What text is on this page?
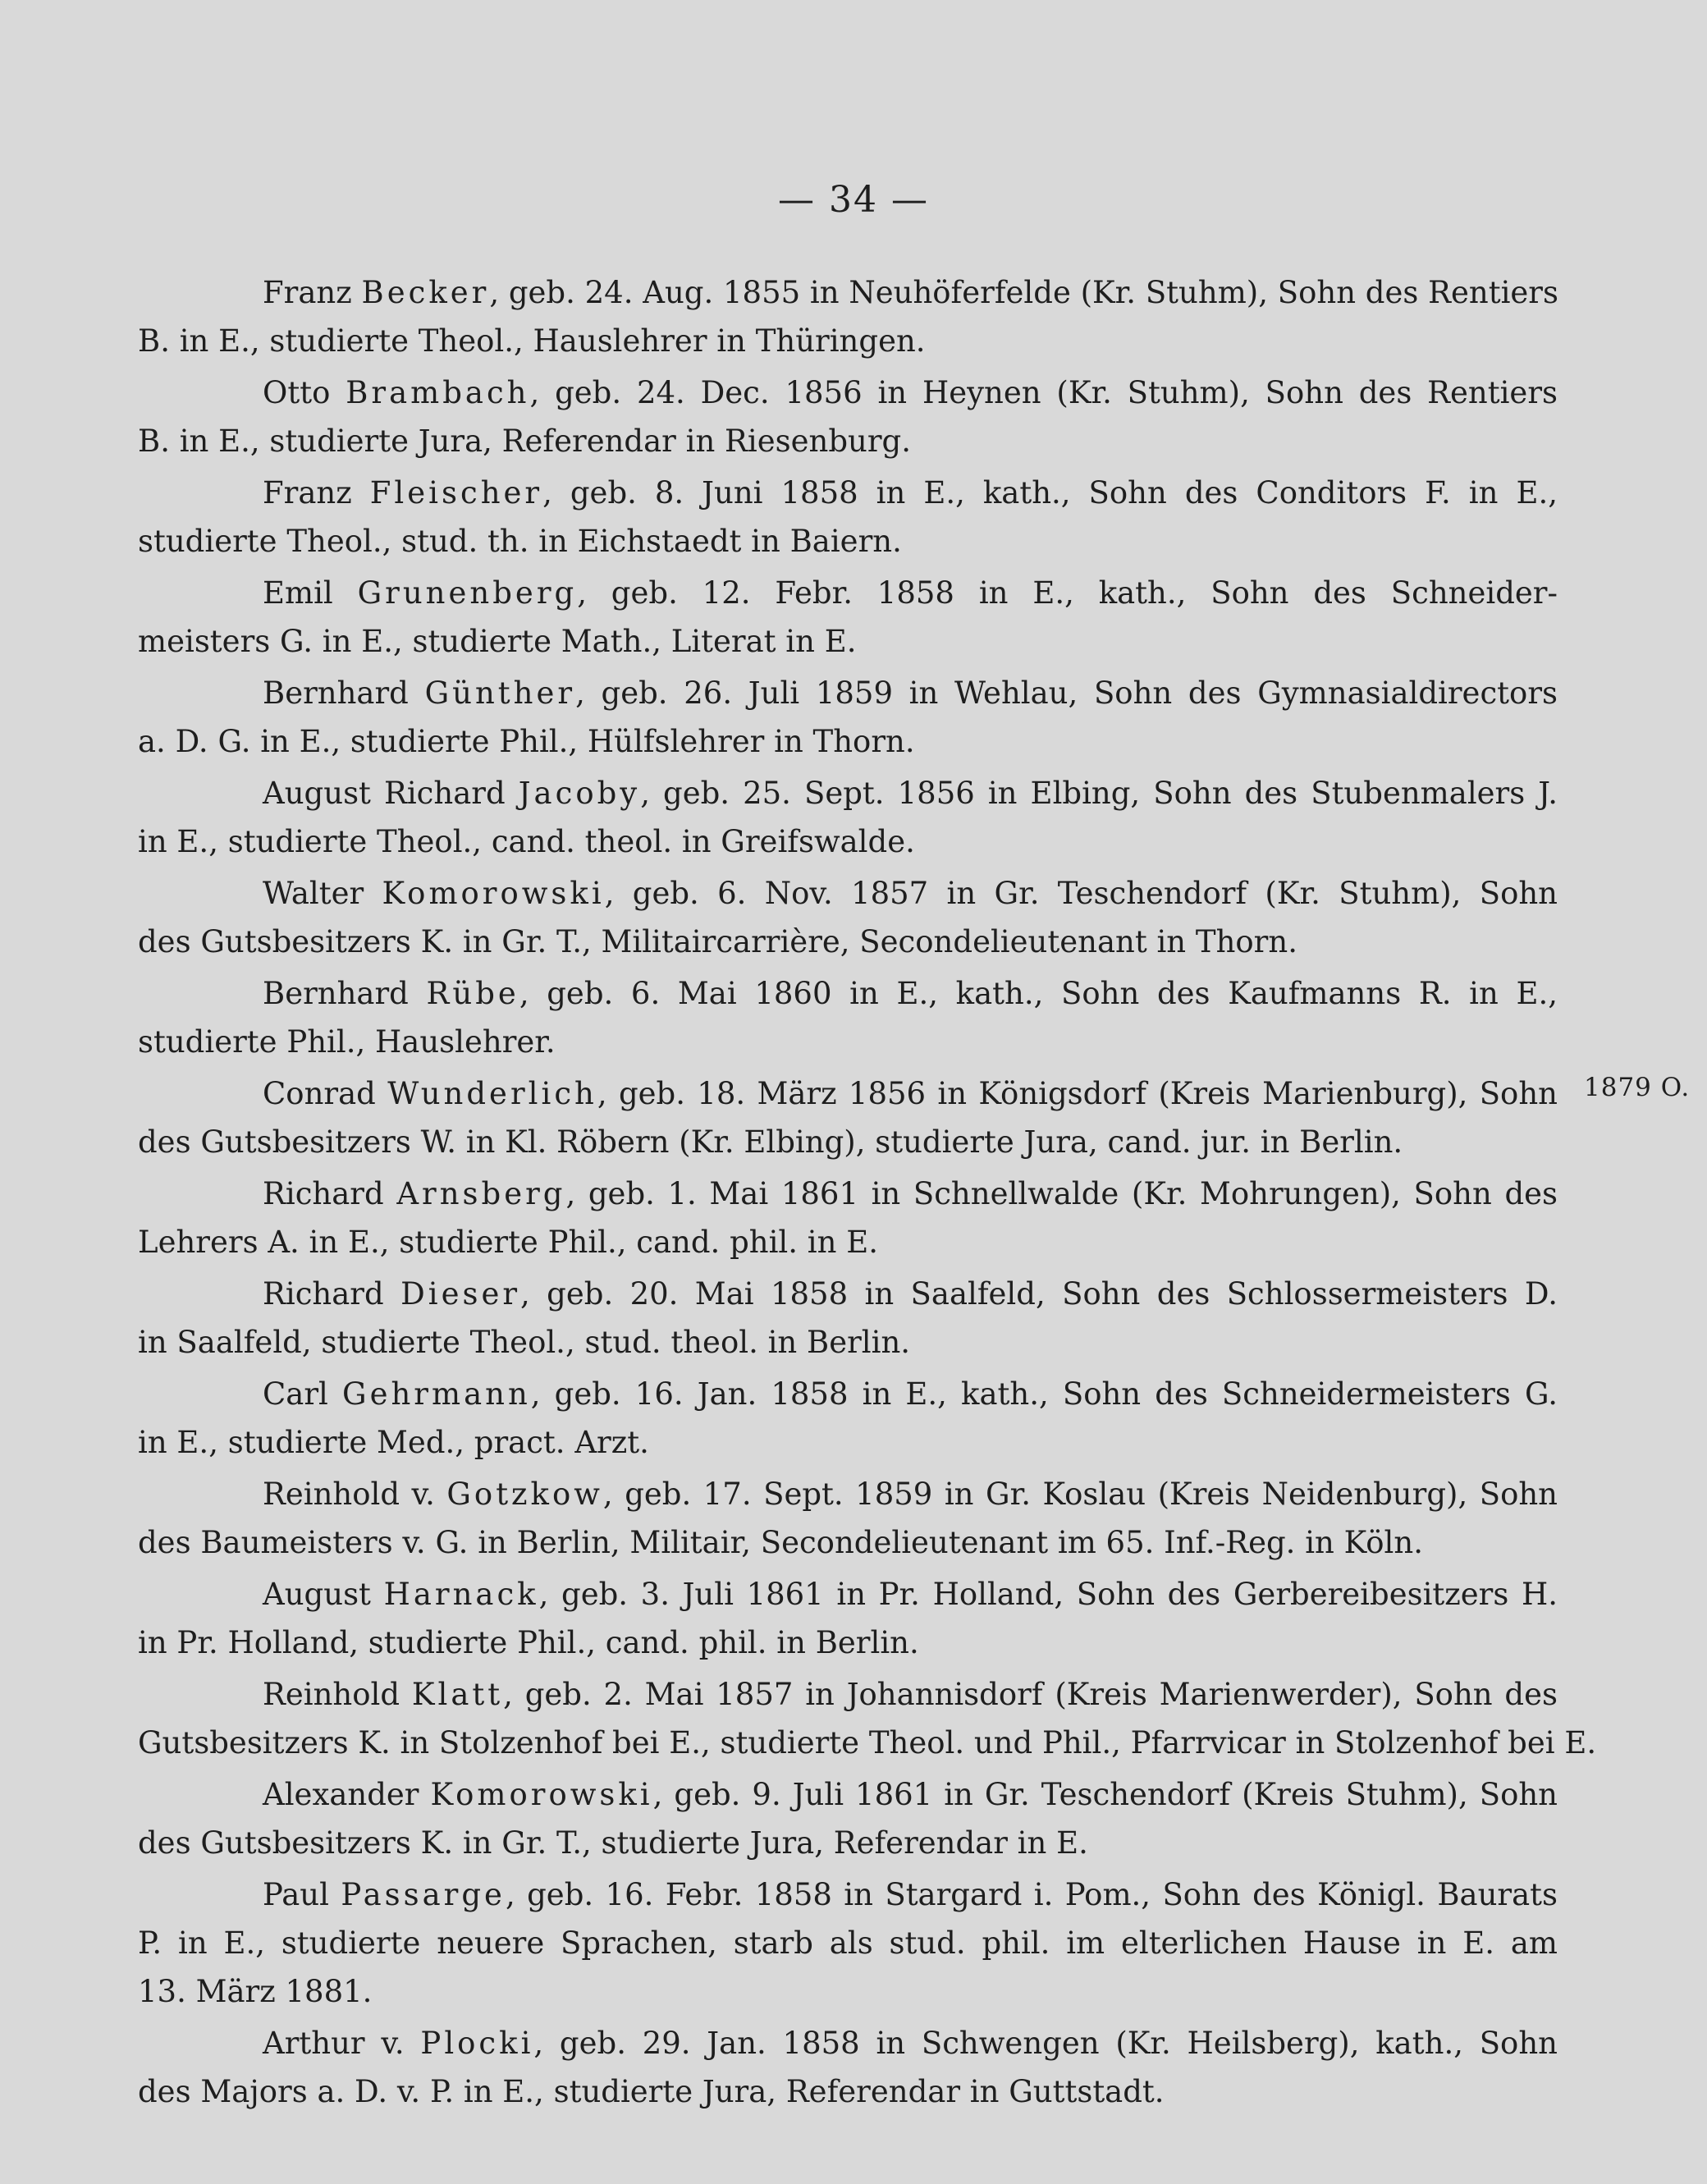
— 34 —
Franz Becker, geb. 24. Aug. 1855 in Neuhöferfelde (Kr. Stuhm), Sohn des Rentiers
B. in E., studierte Theol., Hauslehrer in Thüringen.
Otto Brambach, geb. 24. Dec. 1856 in Heynen (Kr. Stuhm), Sohn des Rentiers
B. in E., studierte Jura, Referendar in Riesenburg.
Franz Fleischer, geb. 8. Juni 1858 in E., kath., Sohn des Conditors F. in E.,
studierte Theol., stud. th. in Eichstaedt in Baiern.
Emil Grunenberg, geb. 12. Febr. 1858 in E., kath., Sohn des Schneider-
meisters G. in E., studierte Math., Literat in E.
Bernhard Günther, geb. 26. Juli 1859 in Wehlau, Sohn des Gymnasialdirectors
a. D. G. in E., studierte Phil., Hülfslehrer in Thorn.
August Richard Jacoby, geb. 25. Sept. 1856 in Elbing, Sohn des Stubenmalers J.
in E., studierte Theol., cand. theol. in Greifswalde.
Walter Komorowski, geb. 6. Nov. 1857 in Gr. Teschendorf (Kr. Stuhm), Sohn
des Gutsbesitzers K. in Gr. T., Militaircarrière, Secondelieutenant in Thorn.
Bernhard Rübe, geb. 6. Mai 1860 in E., kath., Sohn des Kaufmanns R. in E.,
studierte Phil., Hauslehrer.
Conrad Wunderlich, geb. 18. März 1856 in Königsdorf (Kreis Marienburg), Sohn
des Gutsbesitzers W. in Kl. Röbern (Kr. Elbing), studierte Jura, cand. jur. in Berlin.
Richard Arnsberg, geb. 1. Mai 1861 in Schnellwalde (Kr. Mohrungen), Sohn des
Lehrers A. in E., studierte Phil., cand. phil. in E.
Richard Dieser, geb. 20. Mai 1858 in Saalfeld, Sohn des Schlossermeisters D.
in Saalfeld, studierte Theol., stud. theol. in Berlin.
Carl Gehrmann, geb. 16. Jan. 1858 in E., kath., Sohn des Schneidermeisters G.
in E., studierte Med., pract. Arzt.
Reinhold v. Gotzkow, geb. 17. Sept. 1859 in Gr. Koslau (Kreis Neidenburg), Sohn
des Baumeisters v. G. in Berlin, Militair, Secondelieutenant im 65. Inf.-Reg. in Köln.
August Harnack, geb. 3. Juli 1861 in Pr. Holland, Sohn des Gerbereibesitzers H.
in Pr. Holland, studierte Phil., cand. phil. in Berlin.
Reinhold Klatt, geb. 2. Mai 1857 in Johannisdorf (Kreis Marienwerder), Sohn des
Gutsbesitzers K. in Stolzenhof bei E., studierte Theol. und Phil., Pfarrvicar in Stolzenhof bei E.
Alexander Komorowski, geb. 9. Juli 1861 in Gr. Teschendorf (Kreis Stuhm), Sohn
des Gutsbesitzers K. in Gr. T., studierte Jura, Referendar in E.
Paul Passarge, geb. 16. Febr. 1858 in Stargard i. Pom., Sohn des Königl. Baurats
P. in E., studierte neuere Sprachen, starb als stud. phil. im elterlichen Hause in E. am
13. März 1881.
Arthur v. Plocki, geb. 29. Jan. 1858 in Schwengen (Kr. Heilsberg), kath., Sohn
des Majors a. D. v. P. in E., studierte Jura, Referendar in Guttstadt.
1879 O.
